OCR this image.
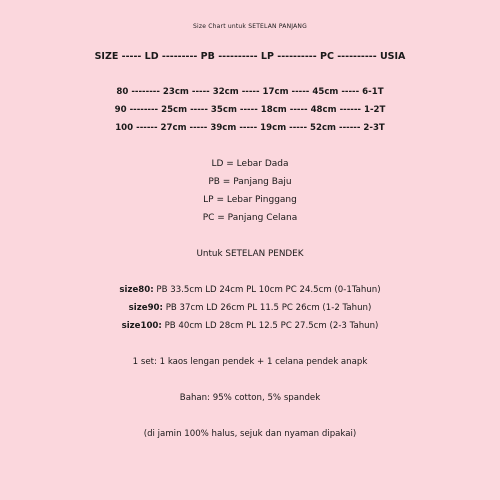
Size Chart untuk SETELAN PANJANG
SIZE ----- LD --------- PB ---------- LP ---------- PC ---------- USIA
80 -------- 23cm ----- 32cm ----- 17cm ----- 45cm ----- 6-1T
90 -------- 25cm ----- 35cm ----- 18cm ----- 48cm ------ 1-2T
100 ------ 27cm ----- 39cm ----- 19cm ----- 52cm ------ 2-3T
LD = Lebar Dada
PB = Panjang Baju
LP = Lebar Pinggang
PC = Panjang Celana
Untuk SETELAN PENDEK
size80: PB 33.5cm LD 24cm PL 10cm PC 24.5cm (0-1Tahun)
size90: PB 37cm LD 26cm PL 11.5 PC 26cm (1-2 Tahun)
size100: PB 40cm LD 28cm PL 12.5 PC 27.5cm (2-3 Tahun)
1 set: 1 kaos lengan pendek + 1 celana pendek anapk
Bahan: 95% cotton, 5% spandek
(di jamin 100% halus, sejuk dan nyaman dipakai)
